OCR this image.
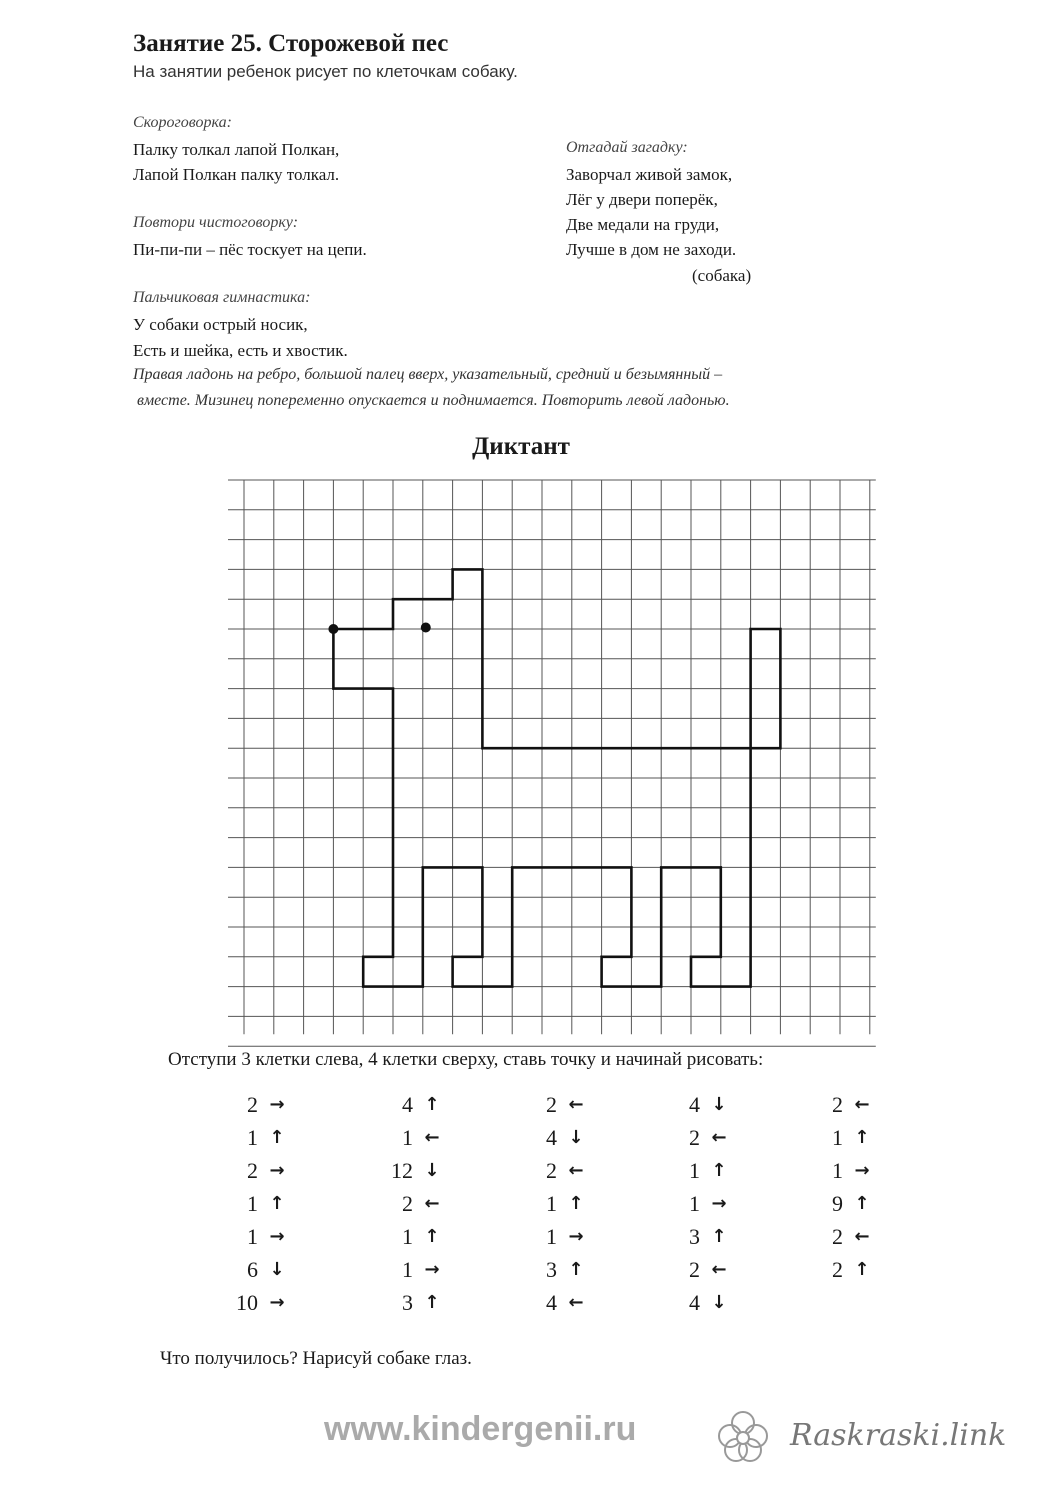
Занятие 25. Сторожевой пес
На занятии ребенок рисует по клеточкам собаку.
Скороговорка:
Палку толкал лапой Полкан,
Лапой Полкан палку толкал.
Повтори чистоговорку:
Пи-пи-пи – пёс тоскует на цепи.
Отгадай загадку:
Заворчал живой замок,
Лёг у двери поперёк,
Две медали на груди,
Лучше в дом не заходи.
(собака)
Пальчиковая гимнастика:
У собаки острый носик,
Есть и шейка, есть и хвостик.
Правая ладонь на ребро, большой палец вверх, указательный, средний и безымянный –
вместе. Мизинец попеременно опускается и поднимается. Повторить левой ладонью.
Диктант
Отступи 3 клетки слева, 4 клетки сверху, ставь точку и начинай рисовать:
2 →
1 ↑
2 →
1 ↑
1 →
6 ↓
10 →
4 ↑
1 ←
12 ↓
2 ←
1 ↑
1 →
3 ↑
2 ←
4 ↓
2 ←
1 ↑
1 →
3 ↑
4 ←
4 ↓
2 ←
1 ↑
1 →
3 ↑
2 ←
4 ↓
2 ←
1 ↑
1 →
9 ↑
2 ←
2 ↑
Что получилось? Нарисуй собаке глаз.
www.kindergenii.ru	Raskraski.link
